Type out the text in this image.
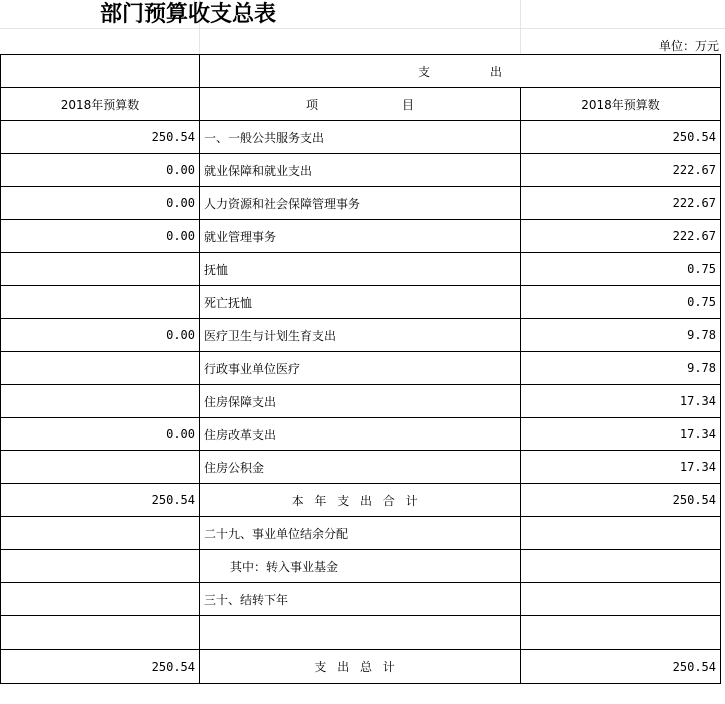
部门预算收支总表
单位：万元
	支　　　　　出	
2018年预算数	项　　　　　　　目	2018年预算数
250.54	一、一般公共服务支出	250.54
0.00	就业保障和就业支出	222.67
0.00	人力资源和社会保障管理事务	222.67
0.00	就业管理事务	222.67
	抚恤	0.75
	死亡抚恤	0.75
0.00	医疗卫生与计划生育支出	9.78
	行政事业单位医疗	9.78
	住房保障支出	17.34
0.00	住房改革支出	17.34
	住房公积金	17.34
250.54	本年支出合计	250.54
	二十九、事业单位结余分配	
	其中：转入事业基金	
	三十、结转下年	

250.54	支出总计	250.54
